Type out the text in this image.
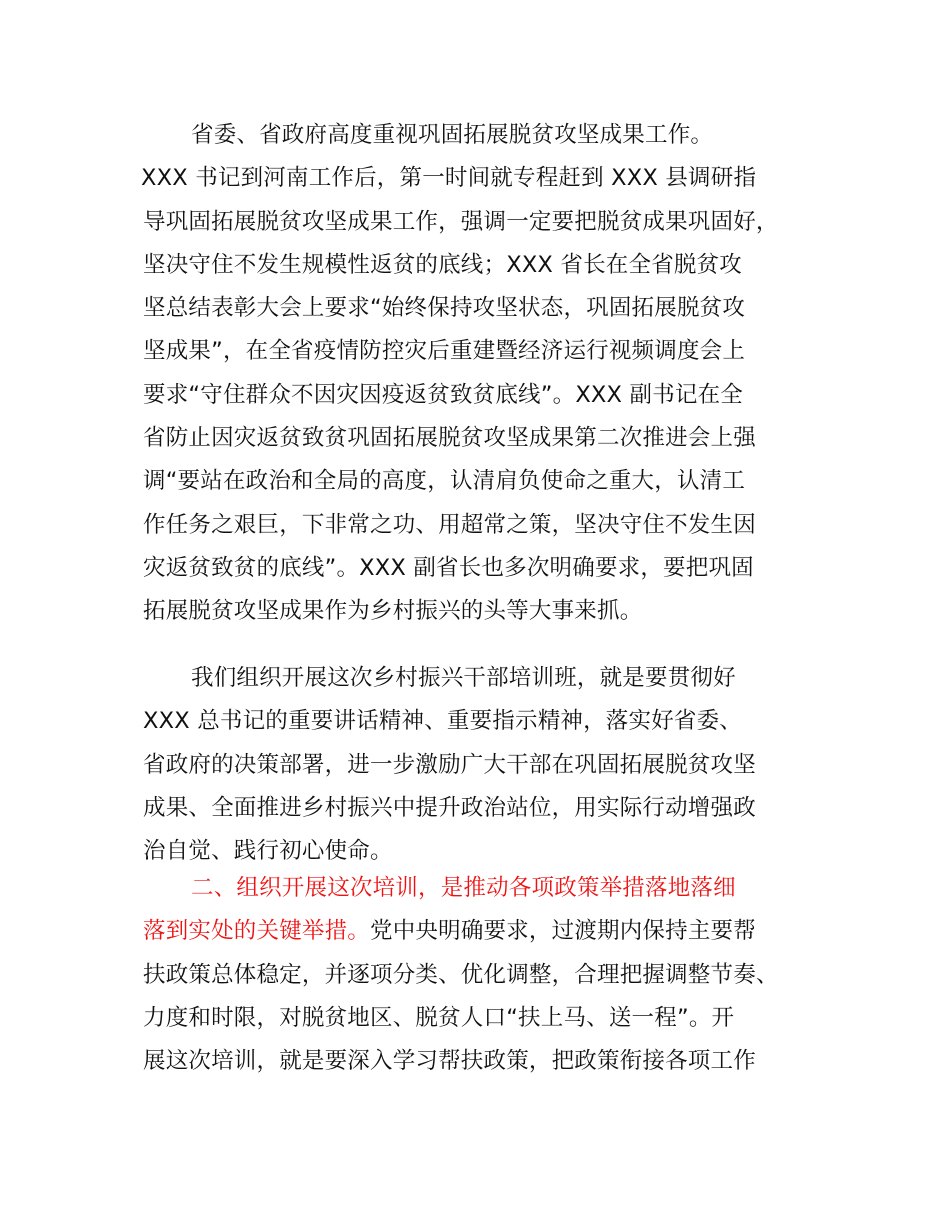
省委、省政府高度重视巩固拓展脱贫攻坚成果工作。
XXX 书记到河南工作后，第一时间就专程赶到 XXX 县调研指
导巩固拓展脱贫攻坚成果工作，强调一定要把脱贫成果巩固好，
坚决守住不发生规模性返贫的底线；XXX 省长在全省脱贫攻
坚总结表彰大会上要求“始终保持攻坚状态，巩固拓展脱贫攻
坚成果”，在全省疫情防控灾后重建暨经济运行视频调度会上
要求“守住群众不因灾因疫返贫致贫底线”。XXX 副书记在全
省防止因灾返贫致贫巩固拓展脱贫攻坚成果第二次推进会上强
调“要站在政治和全局的高度，认清肩负使命之重大，认清工
作任务之艰巨，下非常之功、用超常之策，坚决守住不发生因
灾返贫致贫的底线”。XXX 副省长也多次明确要求，要把巩固
拓展脱贫攻坚成果作为乡村振兴的头等大事来抓。
我们组织开展这次乡村振兴干部培训班，就是要贯彻好
XXX 总书记的重要讲话精神、重要指示精神，落实好省委、
省政府的决策部署，进一步激励广大干部在巩固拓展脱贫攻坚
成果、全面推进乡村振兴中提升政治站位，用实际行动增强政
治自觉、践行初心使命。
二、组织开展这次培训，是推动各项政策举措落地落细
落到实处的关键举措。党中央明确要求，过渡期内保持主要帮
扶政策总体稳定，并逐项分类、优化调整，合理把握调整节奏、
力度和时限，对脱贫地区、脱贫人口“扶上马、送一程”。开
展这次培训，就是要深入学习帮扶政策，把政策衔接各项工作
